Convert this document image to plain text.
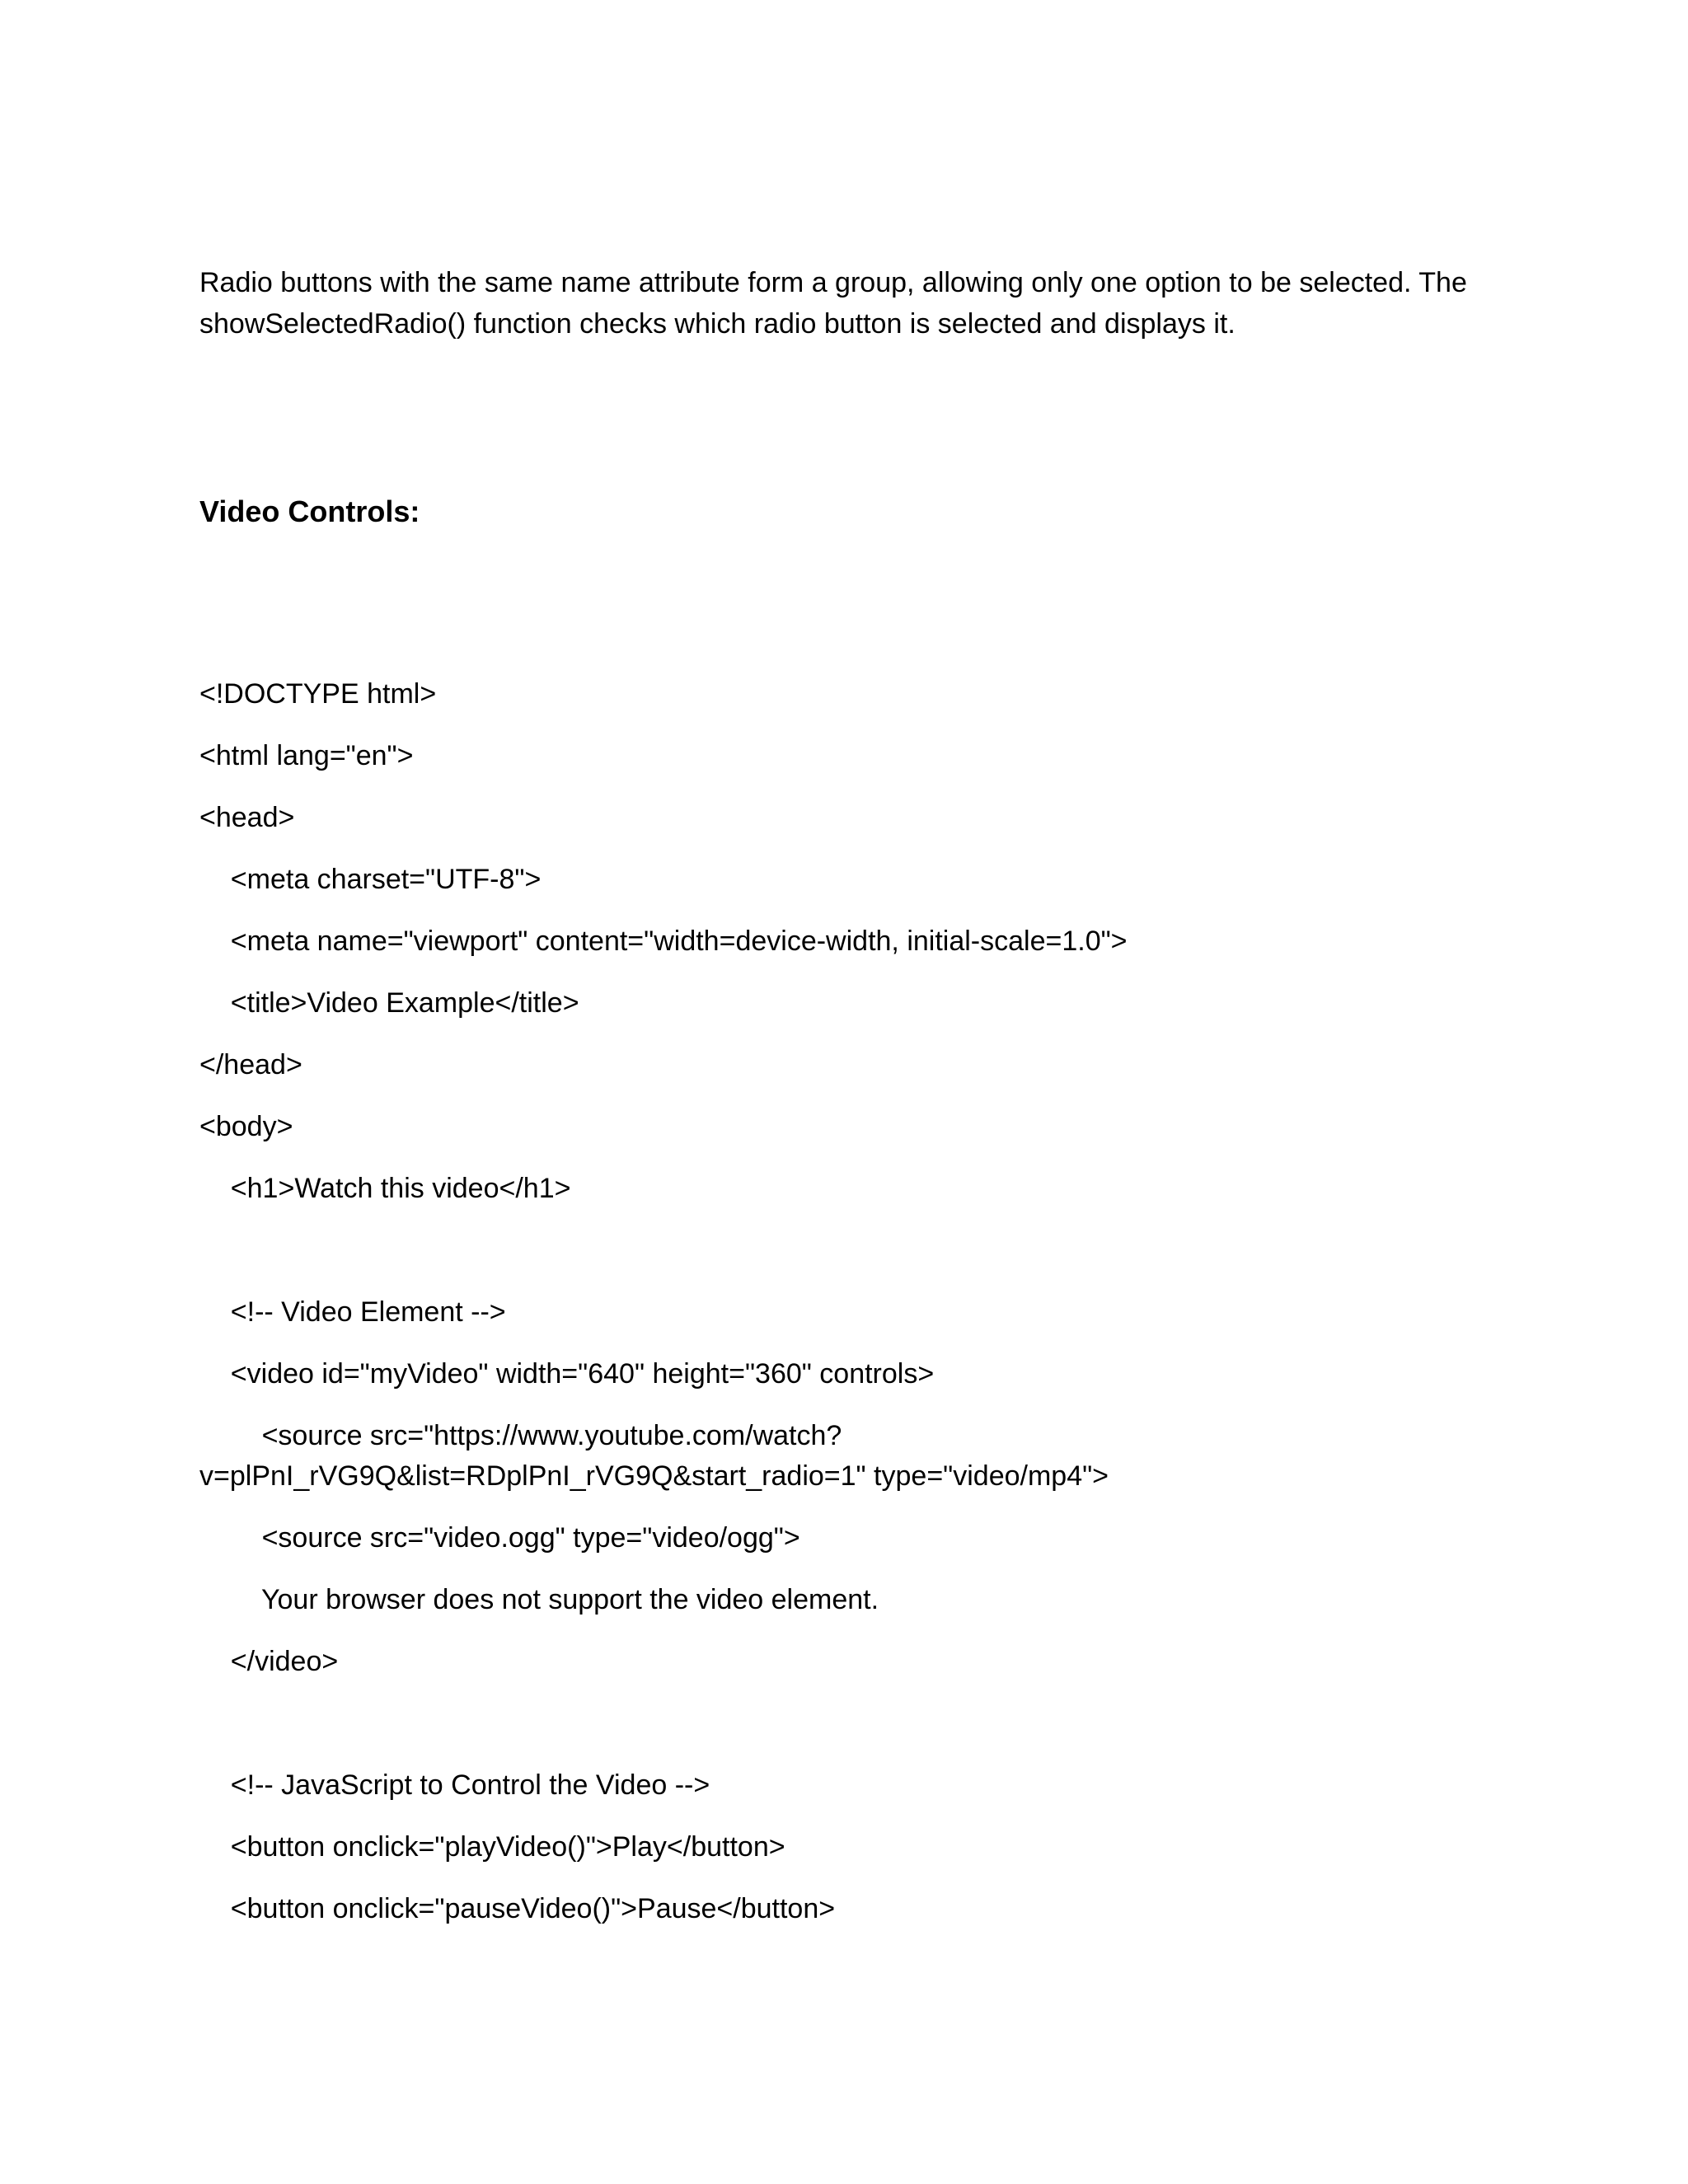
Radio buttons with the same name attribute form a group, allowing only one option to be selected. The
showSelectedRadio() function checks which radio button is selected and displays it.

Video Controls:
<!DOCTYPE html>
<html lang="en">
<head>
<meta charset="UTF-8">
<meta name="viewport" content="width=device-width, initial-scale=1.0">
<title>Video Example</title>
</head>
<body>
<h1>Watch this video</h1>
<!-- Video Element -->
<video id="myVideo" width="640" height="360" controls>
<source src="https://www.youtube.com/watch?
v=plPnI_rVG9Q&list=RDplPnI_rVG9Q&start_radio=1" type="video/mp4">
<source src="video.ogg" type="video/ogg">
Your browser does not support the video element.
</video>
<!-- JavaScript to Control the Video -->
<button onclick="playVideo()">Play</button>
<button onclick="pauseVideo()">Pause</button>
